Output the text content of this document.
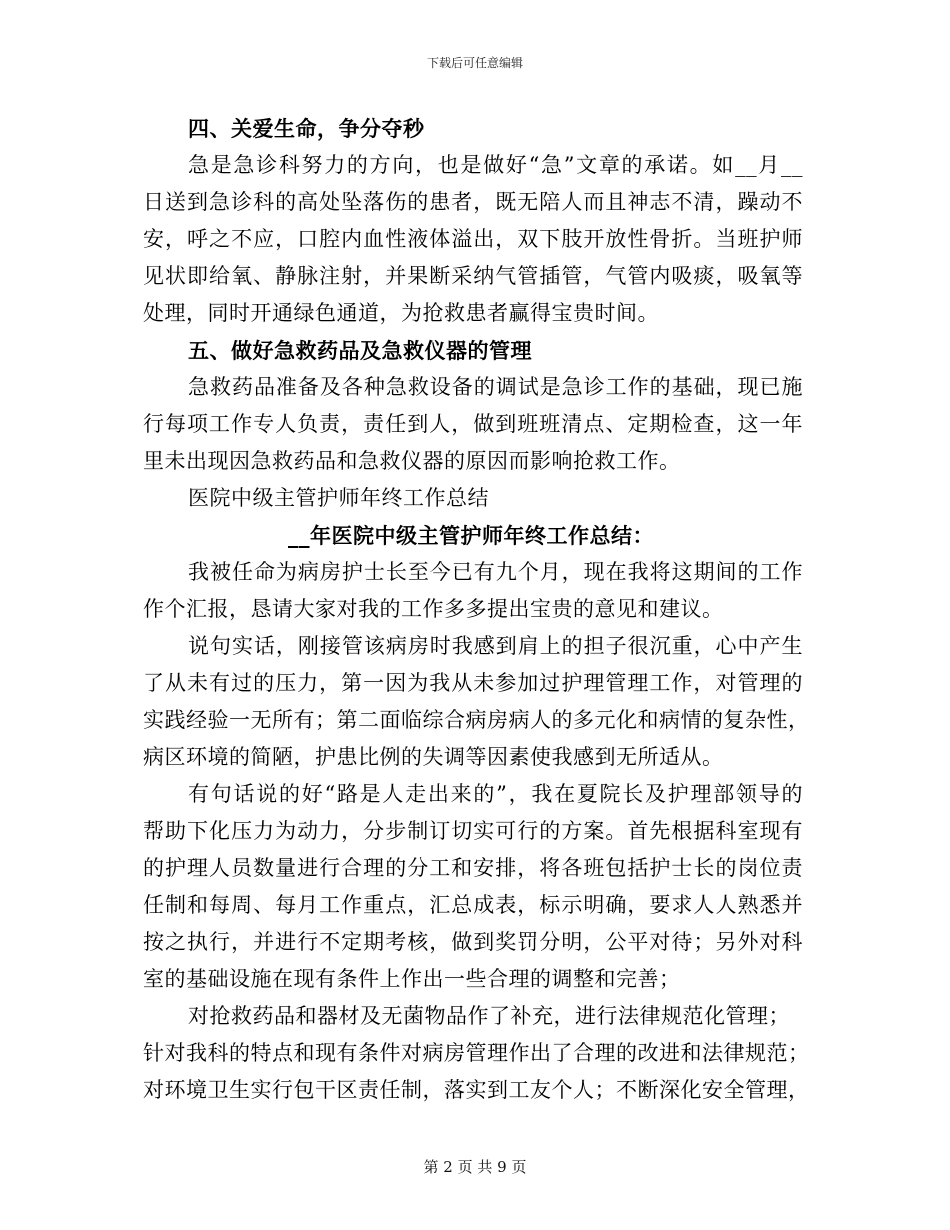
下载后可任意编辑
四、关爱生命，争分夺秒
急是急诊科努力的方向，也是做好“急”文章的承诺。如__月__
日送到急诊科的高处坠落伤的患者，既无陪人而且神志不清，躁动不
安，呼之不应，口腔内血性液体溢出，双下肢开放性骨折。当班护师
见状即给氧、静脉注射，并果断采纳气管插管，气管内吸痰，吸氧等
处理，同时开通绿色通道，为抢救患者赢得宝贵时间。
五、做好急救药品及急救仪器的管理
急救药品准备及各种急救设备的调试是急诊工作的基础，现已施
行每项工作专人负责，责任到人，做到班班清点、定期检查，这一年
里未出现因急救药品和急救仪器的原因而影响抢救工作。
医院中级主管护师年终工作总结
__年医院中级主管护师年终工作总结：
我被任命为病房护士长至今已有九个月，现在我将这期间的工作
作个汇报，恳请大家对我的工作多多提出宝贵的意见和建议。
说句实话，刚接管该病房时我感到肩上的担子很沉重，心中产生
了从未有过的压力，第一因为我从未参加过护理管理工作，对管理的
实践经验一无所有；第二面临综合病房病人的多元化和病情的复杂性，
病区环境的简陋，护患比例的失调等因素使我感到无所适从。
有句话说的好“路是人走出来的”，我在夏院长及护理部领导的
帮助下化压力为动力，分步制订切实可行的方案。首先根据科室现有
的护理人员数量进行合理的分工和安排，将各班包括护士长的岗位责
任制和每周、每月工作重点，汇总成表，标示明确，要求人人熟悉并
按之执行，并进行不定期考核，做到奖罚分明，公平对待；另外对科
室的基础设施在现有条件上作出一些合理的调整和完善；
对抢救药品和器材及无菌物品作了补充，进行法律规范化管理；
针对我科的特点和现有条件对病房管理作出了合理的改进和法律规范；
对环境卫生实行包干区责任制，落实到工友个人；不断深化安全管理，
第 2 页 共 9 页
